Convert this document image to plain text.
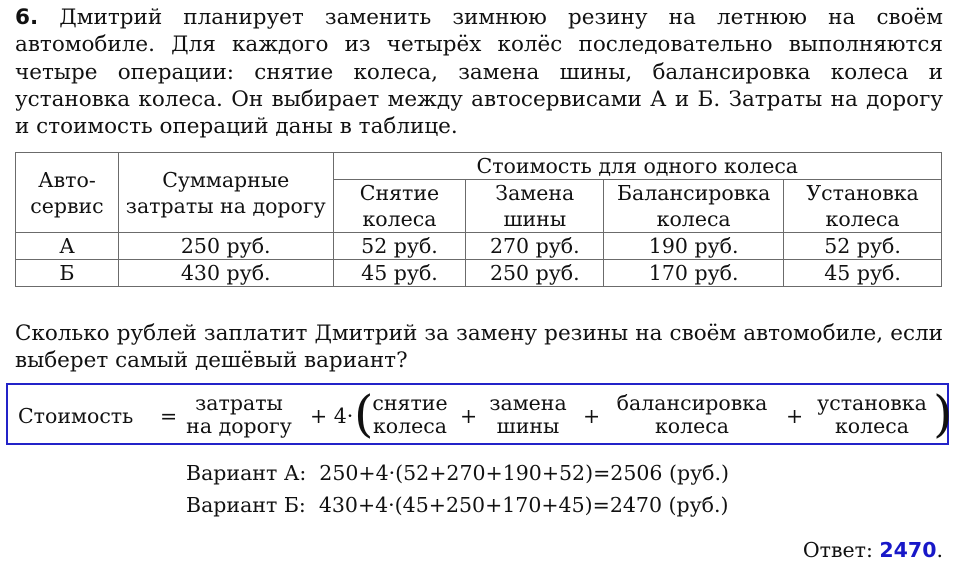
6. Дмитрий планирует заменить зимнюю резину на летнюю на своём автомобиле. Для каждого из четырёх колёс последовательно выполняются четыре операции: снятие колеса, замена шины, балансировка колеса и установка колеса. Он выбирает между автосервисами А и Б. Затраты на дорогу и стоимость операций даны в таблице.
Авто-сервис	Суммарные затраты на дорогу	Стоимость для одного колеса			
		Снятие колеса	Замена шины	Балансировка колеса	Установка колеса
А	250 руб.	52 руб.	270 руб.	190 руб.	52 руб.
Б	430 руб.	45 руб.	250 руб.	170 руб.	45 руб.
Сколько рублей заплатит Дмитрий за замену резины на своём автомобиле, если выберет самый дешёвый вариант?
Стоимость =
затраты
на дорогу + 4· (
снятие
колеса +
замена
шины	+
балансировка
колеса	+
установка
колеса )
Вариант А:  250+4·(52+270+190+52)=2506 (руб.)
Вариант Б:  430+4·(45+250+170+45)=2470 (руб.)
Ответ: 2470.
